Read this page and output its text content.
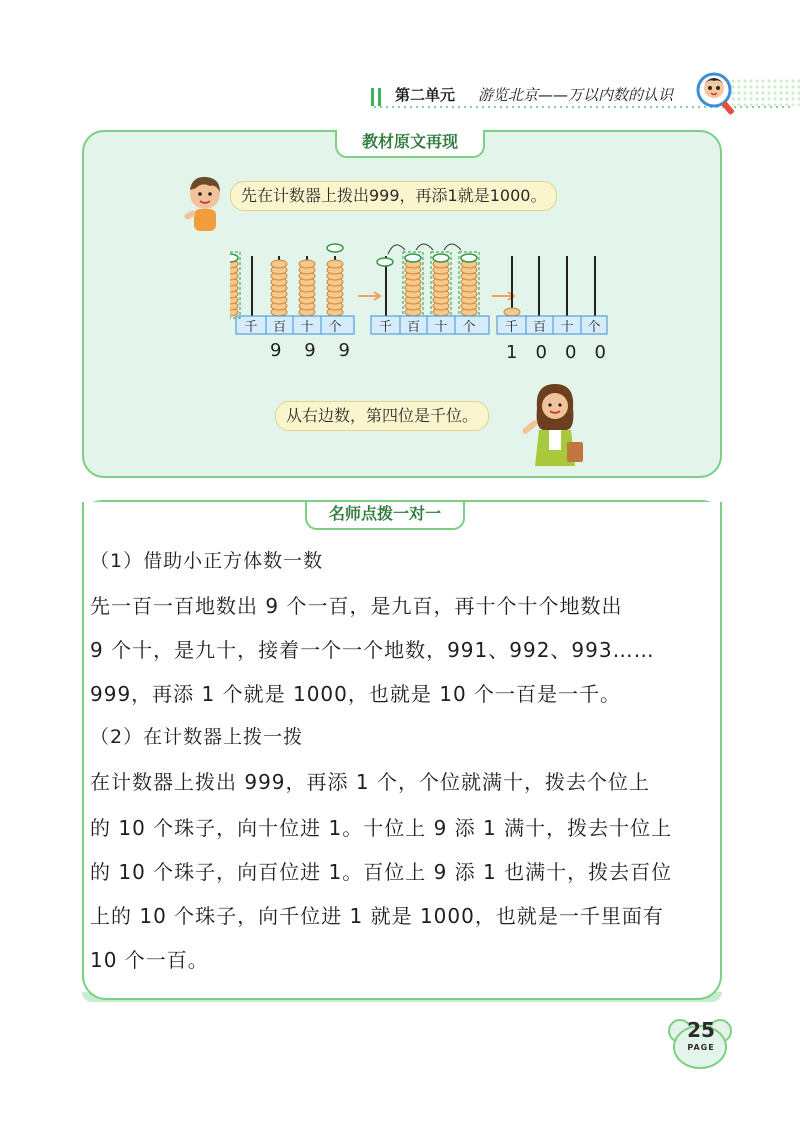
第二单元 游览北京——万以内数的认识
教材原文再现
先在计数器上拨出999，再添1就是1000。
千	百	十	个	千	百	十	个	千	百	十	个
9 9 9	1 0 0 0
从右边数，第四位是千位。
名师点拨一对一
（1）借助小正方体数一数
先一百一百地数出 9 个一百，是九百，再十个十个地数出
9 个十，是九十，接着一个一个地数，991、992、993……
999，再添 1 个就是 1000，也就是 10 个一百是一千。
（2）在计数器上拨一拨
在计数器上拨出 999，再添 1 个，个位就满十，拨去个位上
的 10 个珠子，向十位进 1。十位上 9 添 1 满十，拨去十位上
的 10 个珠子，向百位进 1。百位上 9 添 1 也满十，拨去百位
上的 10 个珠子，向千位进 1 就是 1000，也就是一千里面有
10 个一百。
25
PAGE
